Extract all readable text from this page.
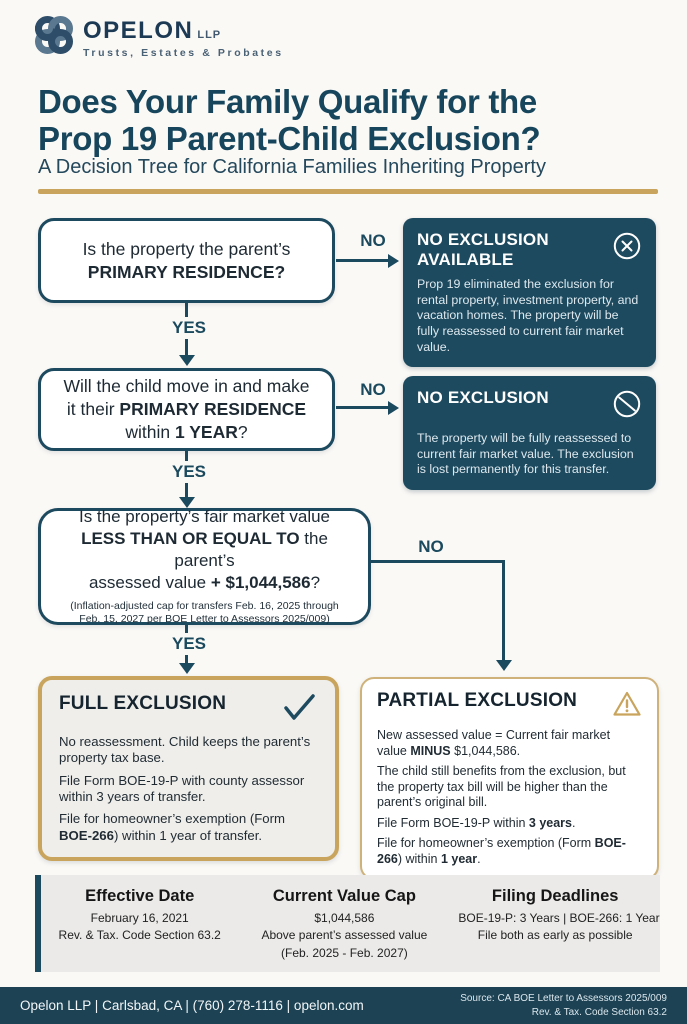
OPELON LLP
Trusts, Estates & Probates
Does Your Family Qualify for the
Prop 19 Parent-Child Exclusion?
A Decision Tree for California Families Inheriting Property
Is the property the parent’s
PRIMARY RESIDENCE?
NO	NO EXCLUSION AVAILABLE
Prop 19 eliminated the exclusion for rental property, investment property, and vacation homes. The property will be fully reassessed to current fair market value.
YES
Will the child move in and make
it their PRIMARY RESIDENCE
within 1 YEAR?
NO	NO EXCLUSION
The property will be fully reassessed to current fair market value. The exclusion is lost permanently for this transfer.
YES
Is the property’s fair market value
LESS THAN OR EQUAL TO the parent’s
assessed value + $1,044,586?
(Inflation-adjusted cap for transfers Feb. 16, 2025 through
Feb. 15, 2027 per BOE Letter to Assessors 2025/009)
NO
YES
FULL EXCLUSION

No reassessment. Child keeps the parent’s property tax base.

File Form BOE-19-P with county assessor within 3 years of transfer.

File for homeowner’s exemption (Form BOE-266) within 1 year of transfer.

PARTIAL EXCLUSION

New assessed value = Current fair market value MINUS $1,044,586.

The child still benefits from the exclusion, but the property tax bill will be higher than the parent’s original bill.

File Form BOE-19-P within 3 years.

File for homeowner’s exemption (Form BOE-266) within 1 year.

Effective Date
February 16, 2021
Rev. & Tax. Code Section 63.2
Current Value Cap
$1,044,586
Above parent’s assessed value
(Feb. 2025 - Feb. 2027)
Filing Deadlines
BOE-19-P: 3 Years | BOE-266: 1 Year
File both as early as possible
Opelon LLP | Carlsbad, CA | (760) 278-1116 | opelon.com	Source: CA BOE Letter to Assessors 2025/009
Rev. & Tax. Code Section 63.2
